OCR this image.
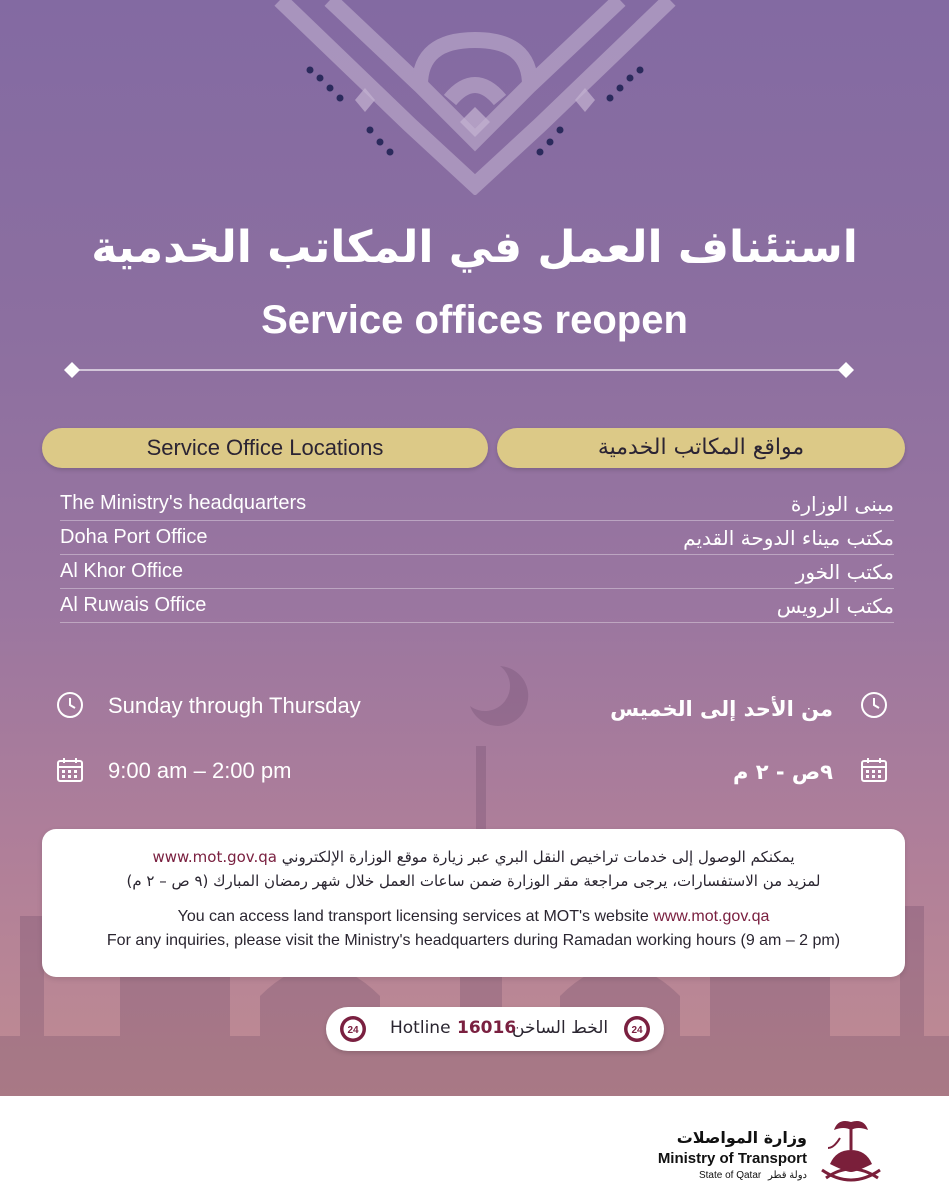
استئناف العمل في المكاتب الخدمية
Service offices reopen
Service Office Locations	مواقع المكاتب الخدمية
The Ministry's headquarters	مبنى الوزارة
Doha Port Office	مكتب ميناء الدوحة القديم
Al Khor Office	مكتب الخور
Al Ruwais Office	مكتب الرويس
Sunday through Thursday	من الأحد إلى الخميس
9:00 am – 2:00 pm	٩ص - ٢ م
يمكنكم الوصول إلى خدمات تراخيص النقل البري عبر زيارة موقع الوزارة الإلكتروني www.mot.gov.qa
لمزيد من الاستفسارات، يرجى مراجعة مقر الوزارة ضمن ساعات العمل خلال شهر رمضان المبارك (٩ ص – ٢ م)
You can access land transport licensing services at MOT's website www.mot.gov.qa
For any inquiries, please visit the Ministry's headquarters during Ramadan working hours (9 am – 2 pm)
24 Hotline 16016
الخط الساخن 24
وزارة المواصلات
Ministry of Transport
State of Qatar دولة قطر
